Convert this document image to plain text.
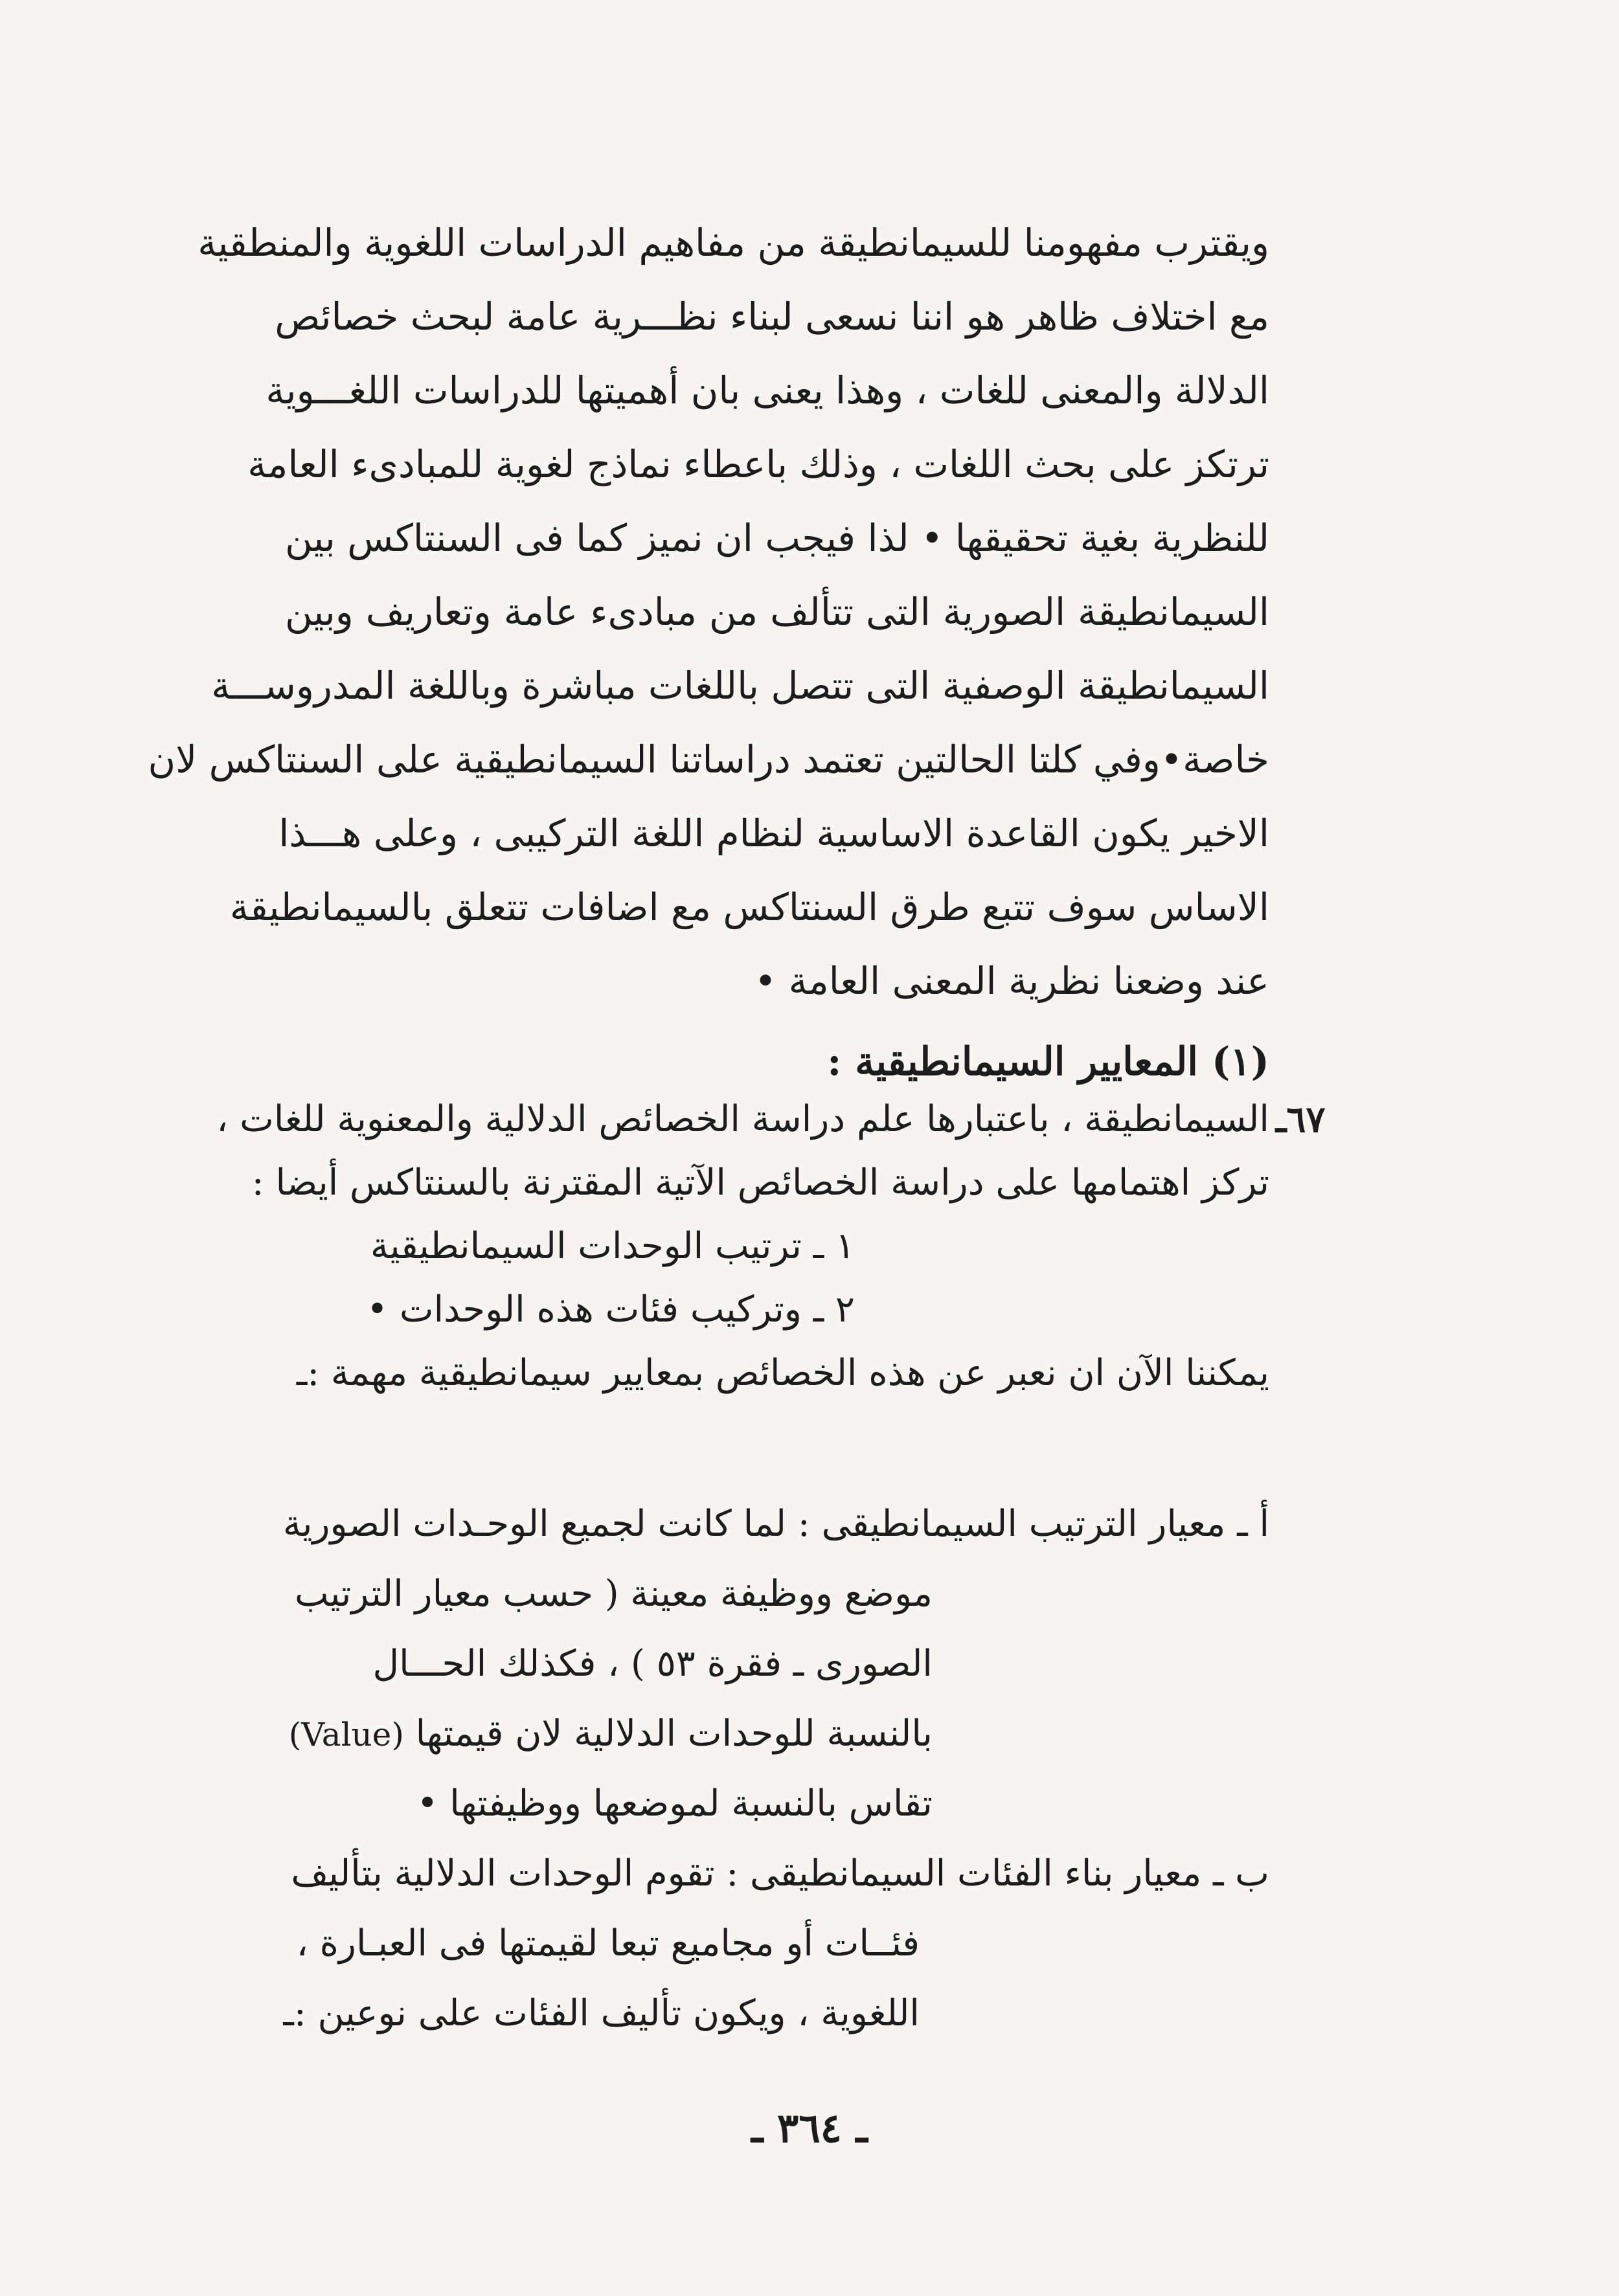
ويقترب مفهومنا للسيمانطيقة من مفاهيم الدراسات اللغوية والمنطقية
مع اختلاف ظاهر هو اننا نسعى لبناء نظـــرية عامة لبحث خصائص
الدلالة والمعنى للغات ، وهذا يعنى بان أهميتها للدراسات اللغـــوية
ترتكز على بحث اللغات ، وذلك باعطاء نماذج لغوية للمبادىء العامة
للنظرية بغية تحقيقها • لذا فيجب ان نميز كما فى السنتاكس بين
السيمانطيقة الصورية التى تتألف من مبادىء عامة وتعاريف وبين
السيمانطيقة الوصفية التى تتصل باللغات مباشرة وباللغة المدروســـة
خاصة•وفي كلتا الحالتين تعتمد دراساتنا السيمانطيقية على السنتاكس لان
الاخير يكون القاعدة الاساسية لنظام اللغة التركيبى ، وعلى هـــذا
الاساس سوف تتبع طرق السنتاكس مع اضافات تتعلق بالسيمانطيقة
عند وضعنا نظرية المعنى العامة •
(١) المعايير السيمانطيقية :
٦٧ـ
السيمانطيقة ، باعتبارها علم دراسة الخصائص الدلالية والمعنوية للغات ،
تركز اهتمامها على دراسة الخصائص الآتية المقترنة بالسنتاكس أيضا :
١ ـ ترتيب الوحدات السيمانطيقية
٢ ـ وتركيب فئات هذه الوحدات •
يمكننا الآن ان نعبر عن هذه الخصائص بمعايير سيمانطيقية مهمة :ـ
أ ـ معيار الترتيب السيمانطيقى : لما كانت لجميع الوحـدات الصورية
موضع ووظيفة معينة ( حسب معيار الترتيب
الصورى ـ فقرة ٥٣ ) ، فكذلك الحـــال
بالنسبة للوحدات الدلالية لان قيمتها (Value)
تقاس بالنسبة لموضعها ووظيفتها •
ب ـ معيار بناء الفئات السيمانطيقى : تقوم الوحدات الدلالية بتأليف
فئــات أو مجاميع تبعا لقيمتها فى العبـارة ،
اللغوية ، ويكون تأليف الفئات على نوعين :ـ
ـ ٣٦٤ ـ
